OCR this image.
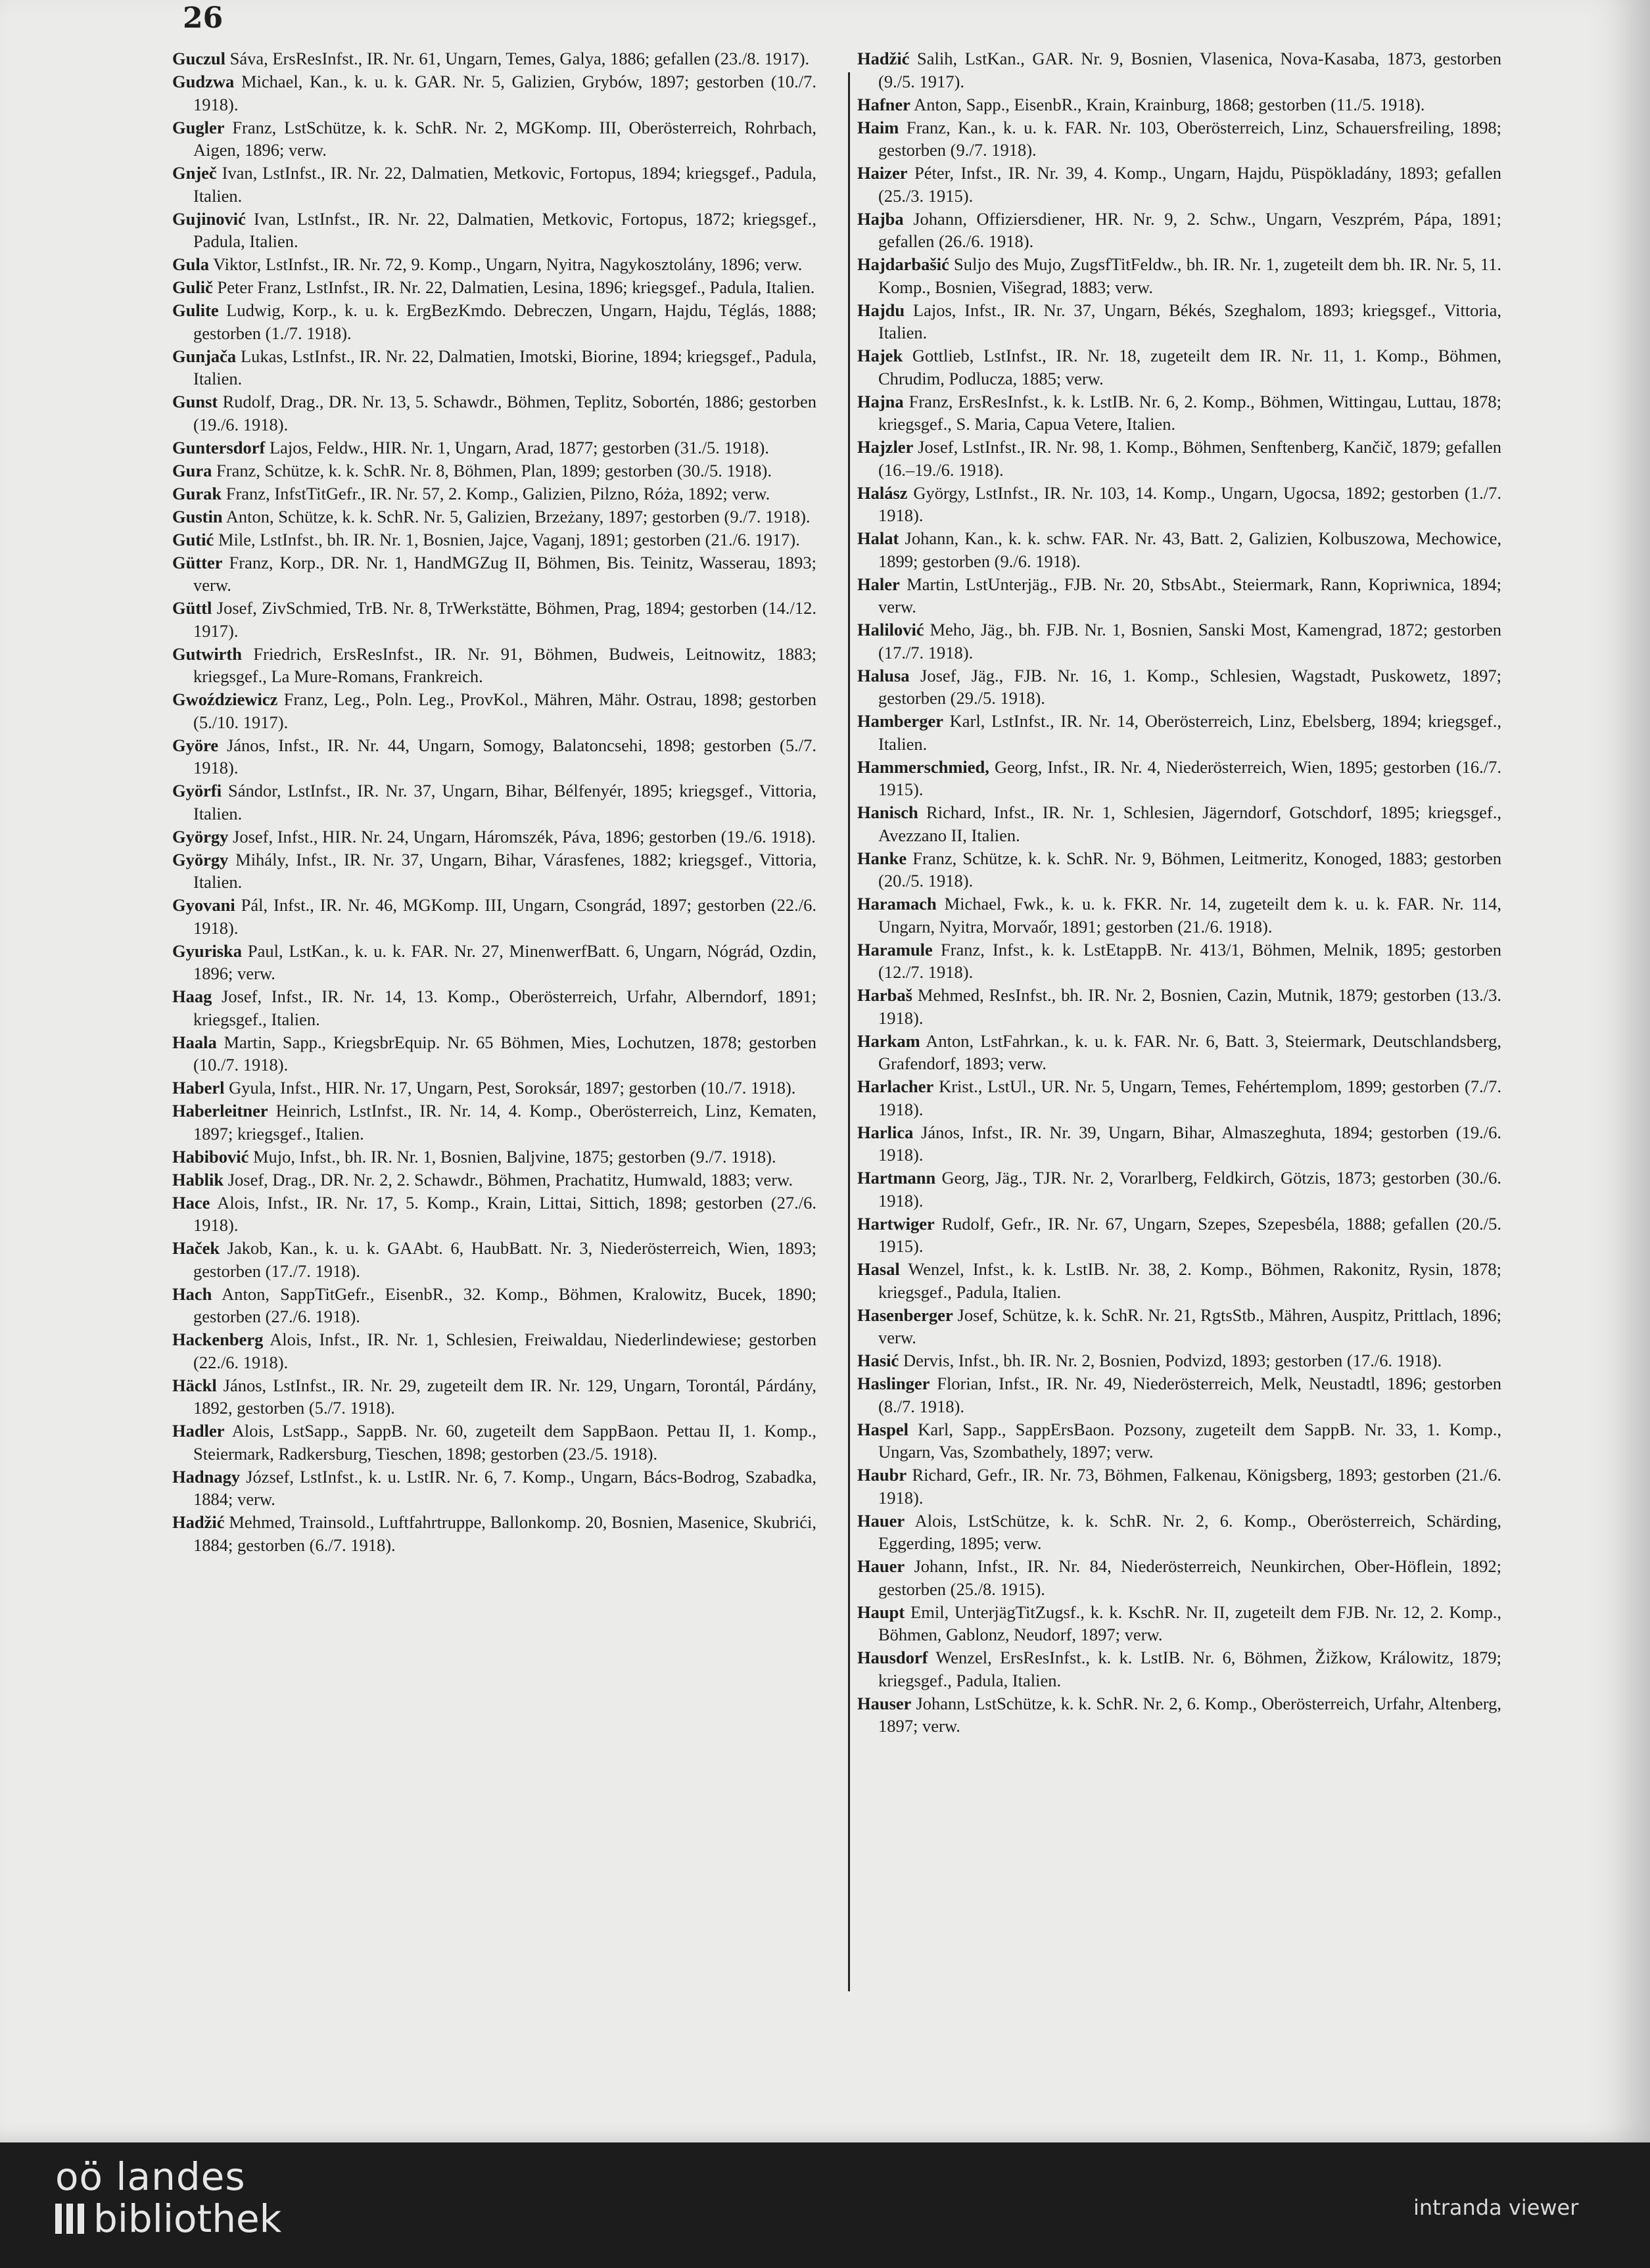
26

Guczul Sáva, ErsResInfst., IR. Nr. 61, Ungarn, Temes, Galya, 1886; gefallen (23./8. 1917).

Gudzwa Michael, Kan., k. u. k. GAR. Nr. 5, Galizien, Grybów, 1897; gestorben (10./7. 1918).

Gugler Franz, LstSchütze, k. k. SchR. Nr. 2, MGKomp. III, Oberösterreich, Rohrbach, Aigen, 1896; verw.

Gnječ Ivan, LstInfst., IR. Nr. 22, Dalmatien, Metkovic, Fortopus, 1894; kriegsgef., Padula, Italien.

Gujinović Ivan, LstInfst., IR. Nr. 22, Dalmatien, Metkovic, Fortopus, 1872; kriegsgef., Padula, Italien.

Gula Viktor, LstInfst., IR. Nr. 72, 9. Komp., Ungarn, Nyitra, Nagykosztolány, 1896; verw.

Gulič Peter Franz, LstInfst., IR. Nr. 22, Dalmatien, Lesina, 1896; kriegsgef., Padula, Italien.

Gulite Ludwig, Korp., k. u. k. ErgBezKmdo. Debreczen, Ungarn, Hajdu, Téglás, 1888; gestorben (1./7. 1918).

Gunjača Lukas, LstInfst., IR. Nr. 22, Dalmatien, Imotski, Biorine, 1894; kriegsgef., Padula, Italien.

Gunst Rudolf, Drag., DR. Nr. 13, 5. Schawdr., Böhmen, Teplitz, Sobortén, 1886; gestorben (19./6. 1918).

Guntersdorf Lajos, Feldw., HIR. Nr. 1, Ungarn, Arad, 1877; gestorben (31./5. 1918).

Gura Franz, Schütze, k. k. SchR. Nr. 8, Böhmen, Plan, 1899; gestorben (30./5. 1918).

Gurak Franz, InfstTitGefr., IR. Nr. 57, 2. Komp., Galizien, Pilzno, Róża, 1892; verw.

Gustin Anton, Schütze, k. k. SchR. Nr. 5, Galizien, Brzeżany, 1897; gestorben (9./7. 1918).

Gutić Mile, LstInfst., bh. IR. Nr. 1, Bosnien, Jajce, Vaganj, 1891; gestorben (21./6. 1917).

Gütter Franz, Korp., DR. Nr. 1, HandMGZug II, Böhmen, Bis. Teinitz, Wasserau, 1893; verw.

Güttl Josef, ZivSchmied, TrB. Nr. 8, TrWerkstätte, Böhmen, Prag, 1894; gestorben (14./12. 1917).

Gutwirth Friedrich, ErsResInfst., IR. Nr. 91, Böhmen, Budweis, Leitnowitz, 1883; kriegsgef., La Mure-Romans, Frankreich.

Gwoździewicz Franz, Leg., Poln. Leg., ProvKol., Mähren, Mähr. Ostrau, 1898; gestorben (5./10. 1917).

Györe János, Infst., IR. Nr. 44, Ungarn, Somogy, Balatoncsehi, 1898; gestorben (5./7. 1918).

Györfi Sándor, LstInfst., IR. Nr. 37, Ungarn, Bihar, Bélfenyér, 1895; kriegsgef., Vittoria, Italien.

György Josef, Infst., HIR. Nr. 24, Ungarn, Háromszék, Páva, 1896; gestorben (19./6. 1918).

György Mihály, Infst., IR. Nr. 37, Ungarn, Bihar, Várasfenes, 1882; kriegsgef., Vittoria, Italien.

Gyovani Pál, Infst., IR. Nr. 46, MGKomp. III, Ungarn, Csongrád, 1897; gestorben (22./6. 1918).

Gyuriska Paul, LstKan., k. u. k. FAR. Nr. 27, MinenwerfBatt. 6, Ungarn, Nógrád, Ozdin, 1896; verw.

Haag Josef, Infst., IR. Nr. 14, 13. Komp., Oberösterreich, Urfahr, Alberndorf, 1891; kriegsgef., Italien.

Haala Martin, Sapp., KriegsbrEquip. Nr. 65 Böhmen, Mies, Lochutzen, 1878; gestorben (10./7. 1918).

Haberl Gyula, Infst., HIR. Nr. 17, Ungarn, Pest, Soroksár, 1897; gestorben (10./7. 1918).

Haberleitner Heinrich, LstInfst., IR. Nr. 14, 4. Komp., Oberösterreich, Linz, Kematen, 1897; kriegsgef., Italien.

Habibović Mujo, Infst., bh. IR. Nr. 1, Bosnien, Baljvine, 1875; gestorben (9./7. 1918).

Hablik Josef, Drag., DR. Nr. 2, 2. Schawdr., Böhmen, Prachatitz, Humwald, 1883; verw.

Hace Alois, Infst., IR. Nr. 17, 5. Komp., Krain, Littai, Sittich, 1898; gestorben (27./6. 1918).

Haček Jakob, Kan., k. u. k. GAAbt. 6, HaubBatt. Nr. 3, Niederösterreich, Wien, 1893; gestorben (17./7. 1918).

Hach Anton, SappTitGefr., EisenbR., 32. Komp., Böhmen, Kralowitz, Bucek, 1890; gestorben (27./6. 1918).

Hackenberg Alois, Infst., IR. Nr. 1, Schlesien, Freiwaldau, Niederlindewiese; gestorben (22./6. 1918).

Häckl János, LstInfst., IR. Nr. 29, zugeteilt dem IR. Nr. 129, Ungarn, Torontál, Párdány, 1892, gestorben (5./7. 1918).

Hadler Alois, LstSapp., SappB. Nr. 60, zugeteilt dem SappBaon. Pettau II, 1. Komp., Steiermark, Radkersburg, Tieschen, 1898; gestorben (23./5. 1918).

Hadnagy József, LstInfst., k. u. LstIR. Nr. 6, 7. Komp., Ungarn, Bács-Bodrog, Szabadka, 1884; verw.

Hadžić Mehmed, Trainsold., Luftfahrtruppe, Ballonkomp. 20, Bosnien, Masenice, Skubrići, 1884; gestorben (6./7. 1918).

Hadžić Salih, LstKan., GAR. Nr. 9, Bosnien, Vlasenica, Nova-Kasaba, 1873, gestorben (9./5. 1917).

Hafner Anton, Sapp., EisenbR., Krain, Krainburg, 1868; gestorben (11./5. 1918).

Haim Franz, Kan., k. u. k. FAR. Nr. 103, Oberösterreich, Linz, Schauersfreiling, 1898; gestorben (9./7. 1918).

Haizer Péter, Infst., IR. Nr. 39, 4. Komp., Ungarn, Hajdu, Püspökladány, 1893; gefallen (25./3. 1915).

Hajba Johann, Offiziersdiener, HR. Nr. 9, 2. Schw., Ungarn, Veszprém, Pápa, 1891; gefallen (26./6. 1918).

Hajdarbašić Suljo des Mujo, ZugsfTitFeldw., bh. IR. Nr. 1, zugeteilt dem bh. IR. Nr. 5, 11. Komp., Bosnien, Višegrad, 1883; verw.

Hajdu Lajos, Infst., IR. Nr. 37, Ungarn, Békés, Szeghalom, 1893; kriegsgef., Vittoria, Italien.

Hajek Gottlieb, LstInfst., IR. Nr. 18, zugeteilt dem IR. Nr. 11, 1. Komp., Böhmen, Chrudim, Podlucza, 1885; verw.

Hajna Franz, ErsResInfst., k. k. LstIB. Nr. 6, 2. Komp., Böhmen, Wittingau, Luttau, 1878; kriegsgef., S. Maria, Capua Vetere, Italien.

Hajzler Josef, LstInfst., IR. Nr. 98, 1. Komp., Böhmen, Senftenberg, Kančič, 1879; gefallen (16.–19./6. 1918).

Halász György, LstInfst., IR. Nr. 103, 14. Komp., Ungarn, Ugocsa, 1892; gestorben (1./7. 1918).

Halat Johann, Kan., k. k. schw. FAR. Nr. 43, Batt. 2, Galizien, Kolbuszowa, Mechowice, 1899; gestorben (9./6. 1918).

Haler Martin, LstUnterjäg., FJB. Nr. 20, StbsAbt., Steiermark, Rann, Kopriwnica, 1894; verw.

Halilović Meho, Jäg., bh. FJB. Nr. 1, Bosnien, Sanski Most, Kamengrad, 1872; gestorben (17./7. 1918).

Halusa Josef, Jäg., FJB. Nr. 16, 1. Komp., Schlesien, Wagstadt, Puskowetz, 1897; gestorben (29./5. 1918).

Hamberger Karl, LstInfst., IR. Nr. 14, Oberösterreich, Linz, Ebelsberg, 1894; kriegsgef., Italien.

Hammerschmied, Georg, Infst., IR. Nr. 4, Niederösterreich, Wien, 1895; gestorben (16./7. 1915).

Hanisch Richard, Infst., IR. Nr. 1, Schlesien, Jägerndorf, Gotschdorf, 1895; kriegsgef., Avezzano II, Italien.

Hanke Franz, Schütze, k. k. SchR. Nr. 9, Böhmen, Leitmeritz, Konoged, 1883; gestorben (20./5. 1918).

Haramach Michael, Fwk., k. u. k. FKR. Nr. 14, zugeteilt dem k. u. k. FAR. Nr. 114, Ungarn, Nyitra, Morvaőr, 1891; gestorben (21./6. 1918).

Haramule Franz, Infst., k. k. LstEtappB. Nr. 413/1, Böhmen, Melnik, 1895; gestorben (12./7. 1918).

Harbaš Mehmed, ResInfst., bh. IR. Nr. 2, Bosnien, Cazin, Mutnik, 1879; gestorben (13./3. 1918).

Harkam Anton, LstFahrkan., k. u. k. FAR. Nr. 6, Batt. 3, Steiermark, Deutschlandsberg, Grafendorf, 1893; verw.

Harlacher Krist., LstUl., UR. Nr. 5, Ungarn, Temes, Fehértemplom, 1899; gestorben (7./7. 1918).

Harlica János, Infst., IR. Nr. 39, Ungarn, Bihar, Almaszeghuta, 1894; gestorben (19./6. 1918).

Hartmann Georg, Jäg., TJR. Nr. 2, Vorarlberg, Feldkirch, Götzis, 1873; gestorben (30./6. 1918).

Hartwiger Rudolf, Gefr., IR. Nr. 67, Ungarn, Szepes, Szepesbéla, 1888; gefallen (20./5. 1915).

Hasal Wenzel, Infst., k. k. LstIB. Nr. 38, 2. Komp., Böhmen, Rakonitz, Rysin, 1878; kriegsgef., Padula, Italien.

Hasenberger Josef, Schütze, k. k. SchR. Nr. 21, RgtsStb., Mähren, Auspitz, Prittlach, 1896; verw.

Hasić Dervis, Infst., bh. IR. Nr. 2, Bosnien, Podvizd, 1893; gestorben (17./6. 1918).

Haslinger Florian, Infst., IR. Nr. 49, Niederösterreich, Melk, Neustadtl, 1896; gestorben (8./7. 1918).

Haspel Karl, Sapp., SappErsBaon. Pozsony, zugeteilt dem SappB. Nr. 33, 1. Komp., Ungarn, Vas, Szombathely, 1897; verw.

Haubr Richard, Gefr., IR. Nr. 73, Böhmen, Falkenau, Königsberg, 1893; gestorben (21./6. 1918).

Hauer Alois, LstSchütze, k. k. SchR. Nr. 2, 6. Komp., Oberösterreich, Schärding, Eggerding, 1895; verw.

Hauer Johann, Infst., IR. Nr. 84, Niederösterreich, Neunkirchen, Ober-Höflein, 1892; gestorben (25./8. 1915).

Haupt Emil, UnterjägTitZugsf., k. k. KschR. Nr. II, zugeteilt dem FJB. Nr. 12, 2. Komp., Böhmen, Gablonz, Neudorf, 1897; verw.

Hausdorf Wenzel, ErsResInfst., k. k. LstIB. Nr. 6, Böhmen, Žižkow, Králowitz, 1879; kriegsgef., Padula, Italien.

Hauser Johann, LstSchütze, k. k. SchR. Nr. 2, 6. Komp., Oberösterreich, Urfahr, Altenberg, 1897; verw.

oö landes
bibliothek	intranda viewer
